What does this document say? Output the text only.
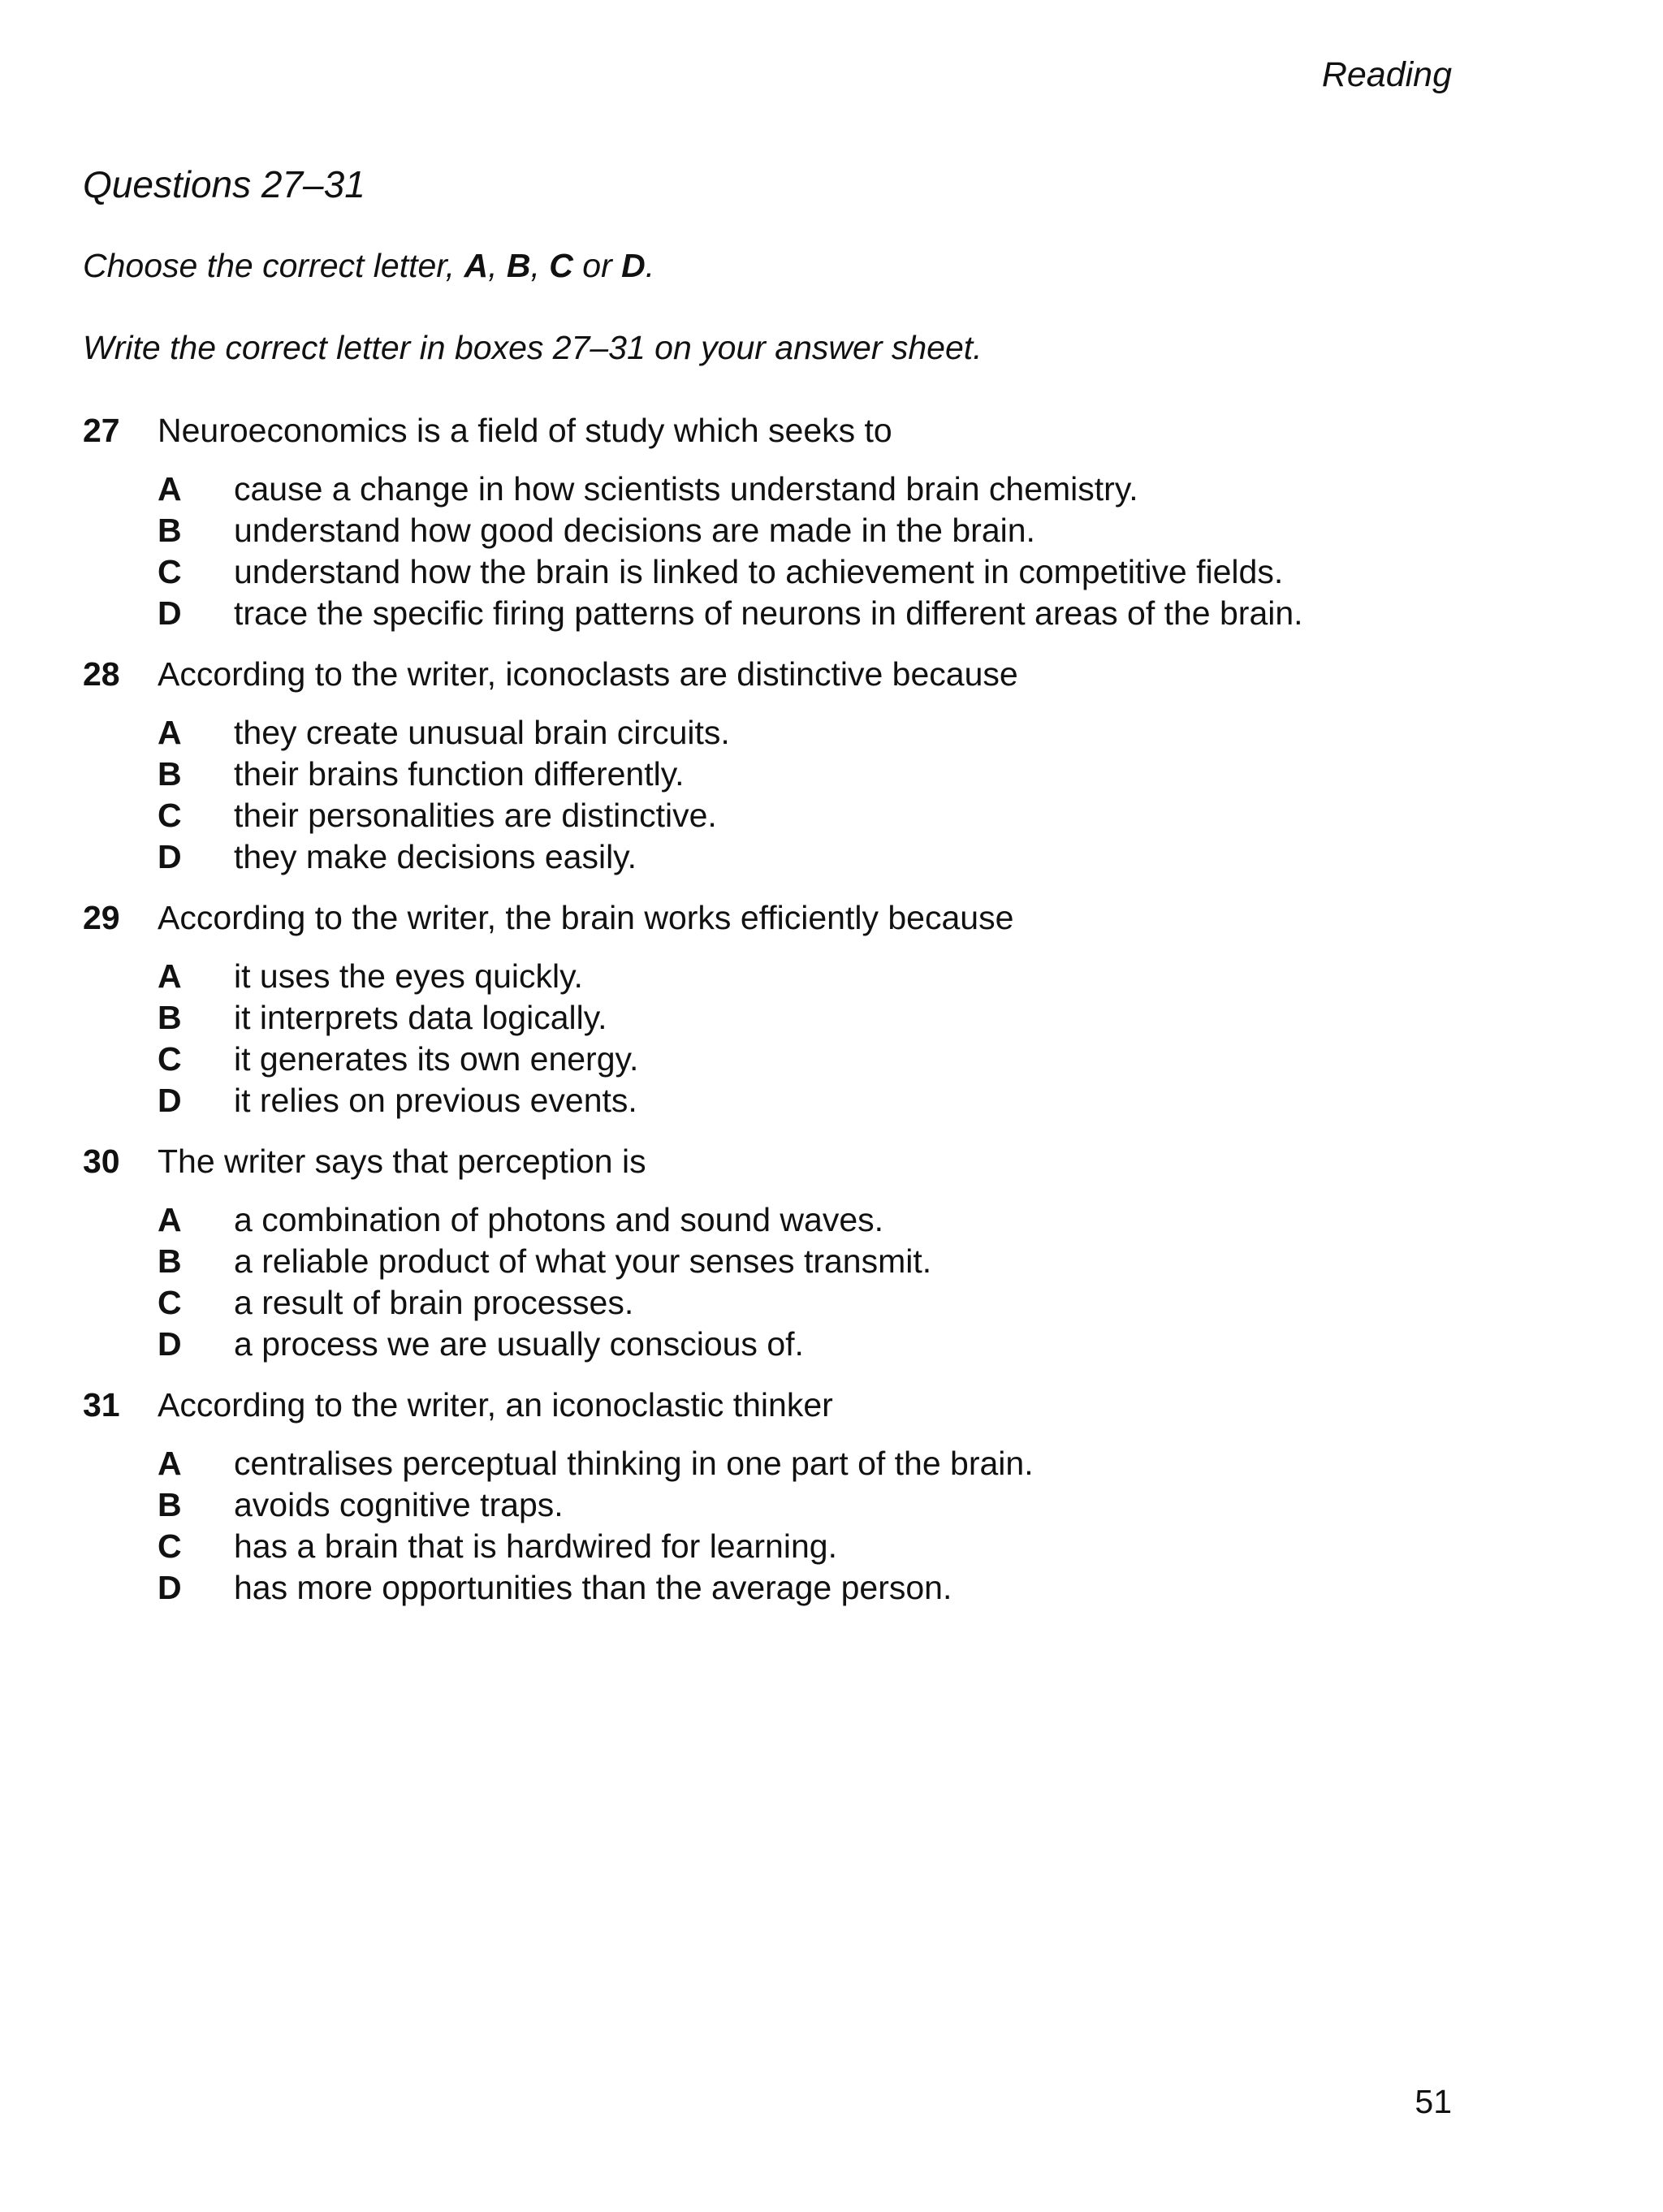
Reading
Questions 27–31
Choose the correct letter, A, B, C or D.
Write the correct letter in boxes 27–31 on your answer sheet.
27	Neuroeconomics is a field of study which seeks to
A	cause a change in how scientists understand brain chemistry.
B	understand how good decisions are made in the brain.
C	understand how the brain is linked to achievement in competitive fields.
D	trace the specific firing patterns of neurons in different areas of the brain.
28	According to the writer, iconoclasts are distinctive because
A	they create unusual brain circuits.
B	their brains function differently.
C	their personalities are distinctive.
D	they make decisions easily.
29	According to the writer, the brain works efficiently because
A	it uses the eyes quickly.
B	it interprets data logically.
C	it generates its own energy.
D	it relies on previous events.
30	The writer says that perception is
A	a combination of photons and sound waves.
B	a reliable product of what your senses transmit.
C	a result of brain processes.
D	a process we are usually conscious of.
31	According to the writer, an iconoclastic thinker
A	centralises perceptual thinking in one part of the brain.
B	avoids cognitive traps.
C	has a brain that is hardwired for learning.
D	has more opportunities than the average person.
51
